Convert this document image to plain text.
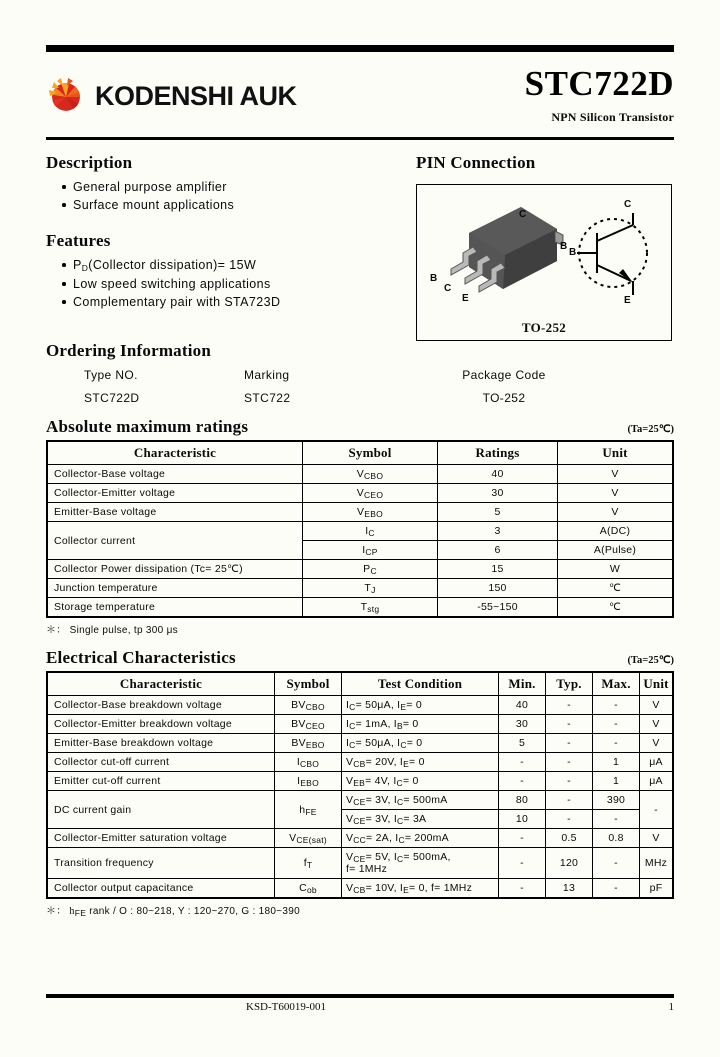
KODENSHI AUK	STC722D
NPN Silicon Transistor
Description
General purpose amplifier
Surface mount applications
Features
$P_D(Collector$ dissipation)= 15W
Low speed switching applications
Complementary pair with STA723D
PIN Connection
B
C
E
C
B
C
B
E
TO-252
Ordering Information
Type NO.	Marking	Package Code
STC722D	STC722	TO-252
Absolute maximum ratings	(Ta=25℃)
Characteristic	Symbol	Ratings	Unit
Collector-Base voltage	$V_{CBO}$	40	V
Collector-Emitter voltage	$V_{CEO}$	30	V
Emitter-Base voltage	$V_{EBO}$	5	V
Collector current	$I_C$	3	A(DC)
	$I_{CP}$	6	A(Pulse)
Collector Power dissipation (Tc= 25℃)	$P_C$	15	W
Junction temperature	$T_J$	150	℃
Storage temperature	$T_{stg}$	-55~150	℃
＊： Single pulse, tp 300 μs
Electrical Characteristics	(Ta=25℃)
Characteristic	Symbol	Test Condition	Min.	Typ.	Max.	Unit
Collector-Base breakdown voltage	$BV_{CBO}$	$I_C= 50\mu A$, $I_E= 0$	40	-	-	V
Collector-Emitter breakdown voltage	$BV_{CEO}$	$I_C= 1mA$, $I_B= 0$	30	-	-	V
Emitter-Base breakdown voltage	$BV_{EBO}$	$I_C= 50\mu A$, $I_C= 0$	5	-	-	V
Collector cut-off current	$I_{CBO}$	$V_{CB}= 20V$, $I_E= 0$	-	-	1	μA
Emitter cut-off current	$I_{EBO}$	$V_{EB}= 4V$, $I_C= 0$	-	-	1	μA
DC current gain	$h_{FE}$	$V_{CE}= 3V$, $I_C= 500mA$	80	-	390	-
		$V_{CE}= 3V$, $I_C= 3A$	10	-	-	
Collector-Emitter saturation voltage	$V_{CE(sat)}$	$V_{CC}= 2A$, $I_C= 200mA$	-	0.5	0.8	V
Transition frequency	$f_T$	$V_{CE}= 5V$, $I_C= 500mA$,
f= 1MHz	-	120	-	MHz
Collector output capacitance	$C_{ob}$	$V_{CB}= 10V$, $I_E= 0$, f= 1MHz	-	13	-	pF
＊： $h_{FE}$ rank / O : 80~218, Y : 120~270, G : 180~390
KSD-T60019-001	1
